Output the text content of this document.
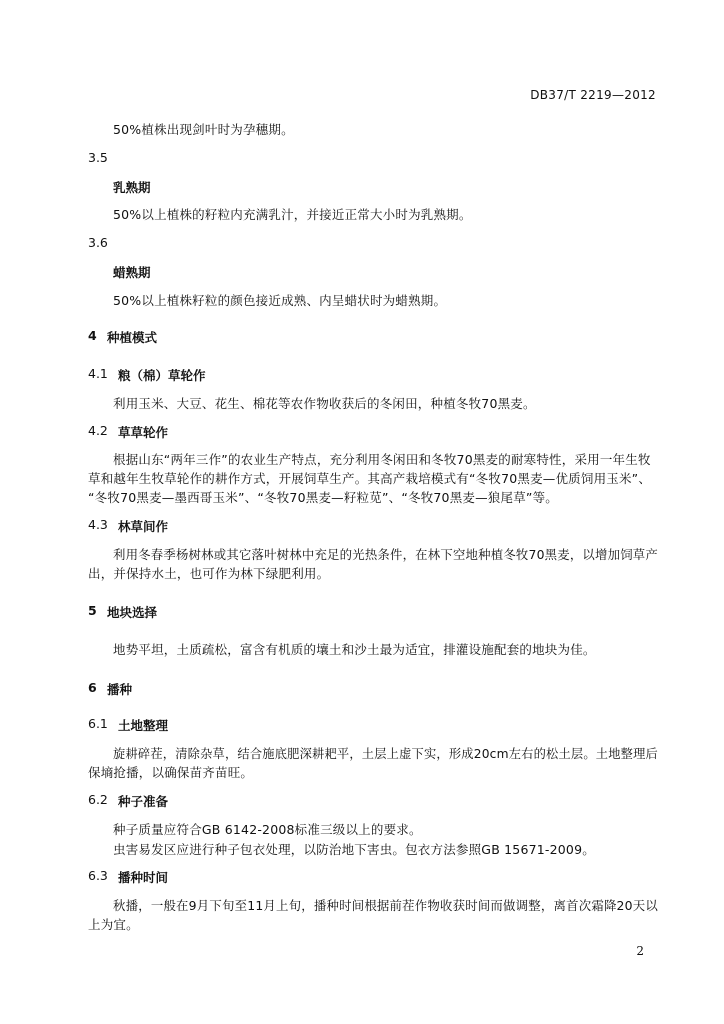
DB37/T 2219—2012
50%植株出现剑叶时为孕穗期。
3.5
乳熟期
50%以上植株的籽粒内充满乳汁，并接近正常大小时为乳熟期。
3.6
蜡熟期
50%以上植株籽粒的颜色接近成熟、内呈蜡状时为蜡熟期。
4 种植模式
4.1 粮（棉）草轮作
利用玉米、大豆、花生、棉花等农作物收获后的冬闲田，种植冬牧70黑麦。
4.2 草草轮作
根据山东“两年三作”的农业生产特点，充分利用冬闲田和冬牧70黑麦的耐寒特性，采用一年生牧
草和越年生牧草轮作的耕作方式，开展饲草生产。其高产栽培模式有“冬牧70黑麦—优质饲用玉米”、
“冬牧70黑麦—墨西哥玉米”、“冬牧70黑麦—籽粒苋”、“冬牧70黑麦—狼尾草”等。
4.3 林草间作
利用冬春季杨树林或其它落叶树林中充足的光热条件，在林下空地种植冬牧70黑麦，以增加饲草产
出，并保持水土，也可作为林下绿肥利用。
5 地块选择
地势平坦，土质疏松，富含有机质的壤土和沙土最为适宜，排灌设施配套的地块为佳。
6 播种
6.1 土地整理
旋耕碎茬，清除杂草，结合施底肥深耕耙平，土层上虚下实，形成20cm左右的松土层。土地整理后
保墒抢播，以确保苗齐苗旺。
6.2 种子准备
种子质量应符合GB 6142-2008标准三级以上的要求。
虫害易发区应进行种子包衣处理，以防治地下害虫。包衣方法参照GB 15671-2009。
6.3 播种时间
秋播，一般在9月下旬至11月上旬，播种时间根据前茬作物收获时间而做调整，离首次霜降20天以
上为宜。
2
